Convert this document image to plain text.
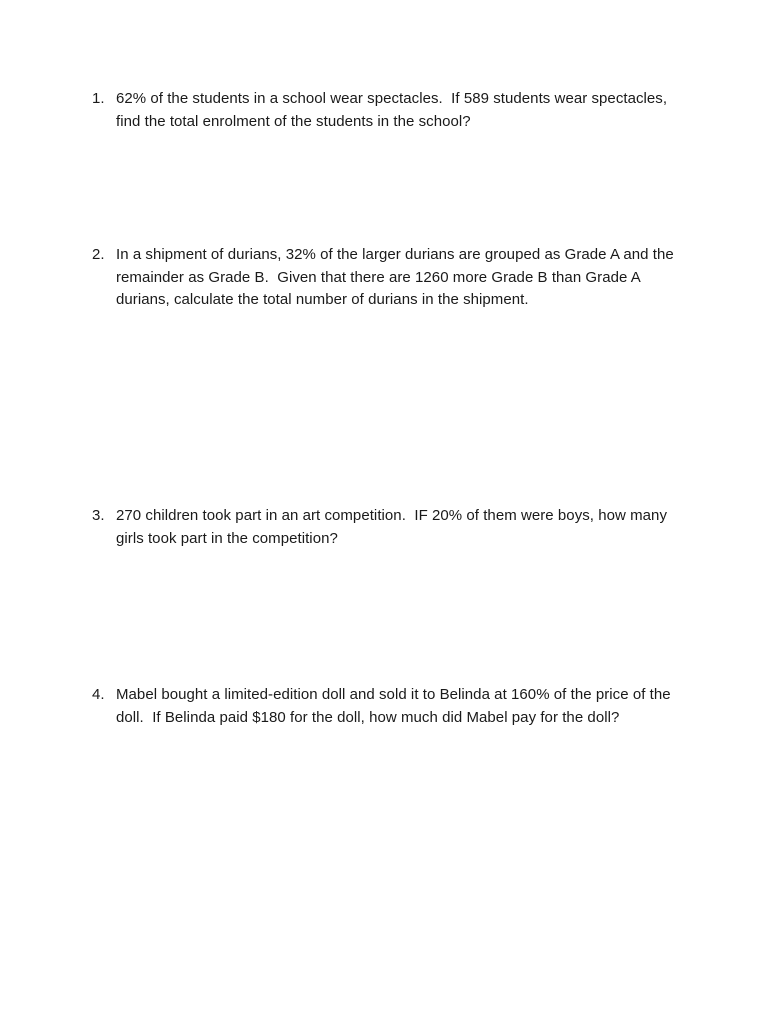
1. 62% of the students in a school wear spectacles.  If 589 students wear spectacles, find the total enrolment of the students in the school?
2. In a shipment of durians, 32% of the larger durians are grouped as Grade A and the remainder as Grade B.  Given that there are 1260 more Grade B than Grade A durians, calculate the total number of durians in the shipment.
3. 270 children took part in an art competition.  IF 20% of them were boys, how many girls took part in the competition?
4. Mabel bought a limited-edition doll and sold it to Belinda at 160% of the price of the doll.  If Belinda paid $180 for the doll, how much did Mabel pay for the doll?
